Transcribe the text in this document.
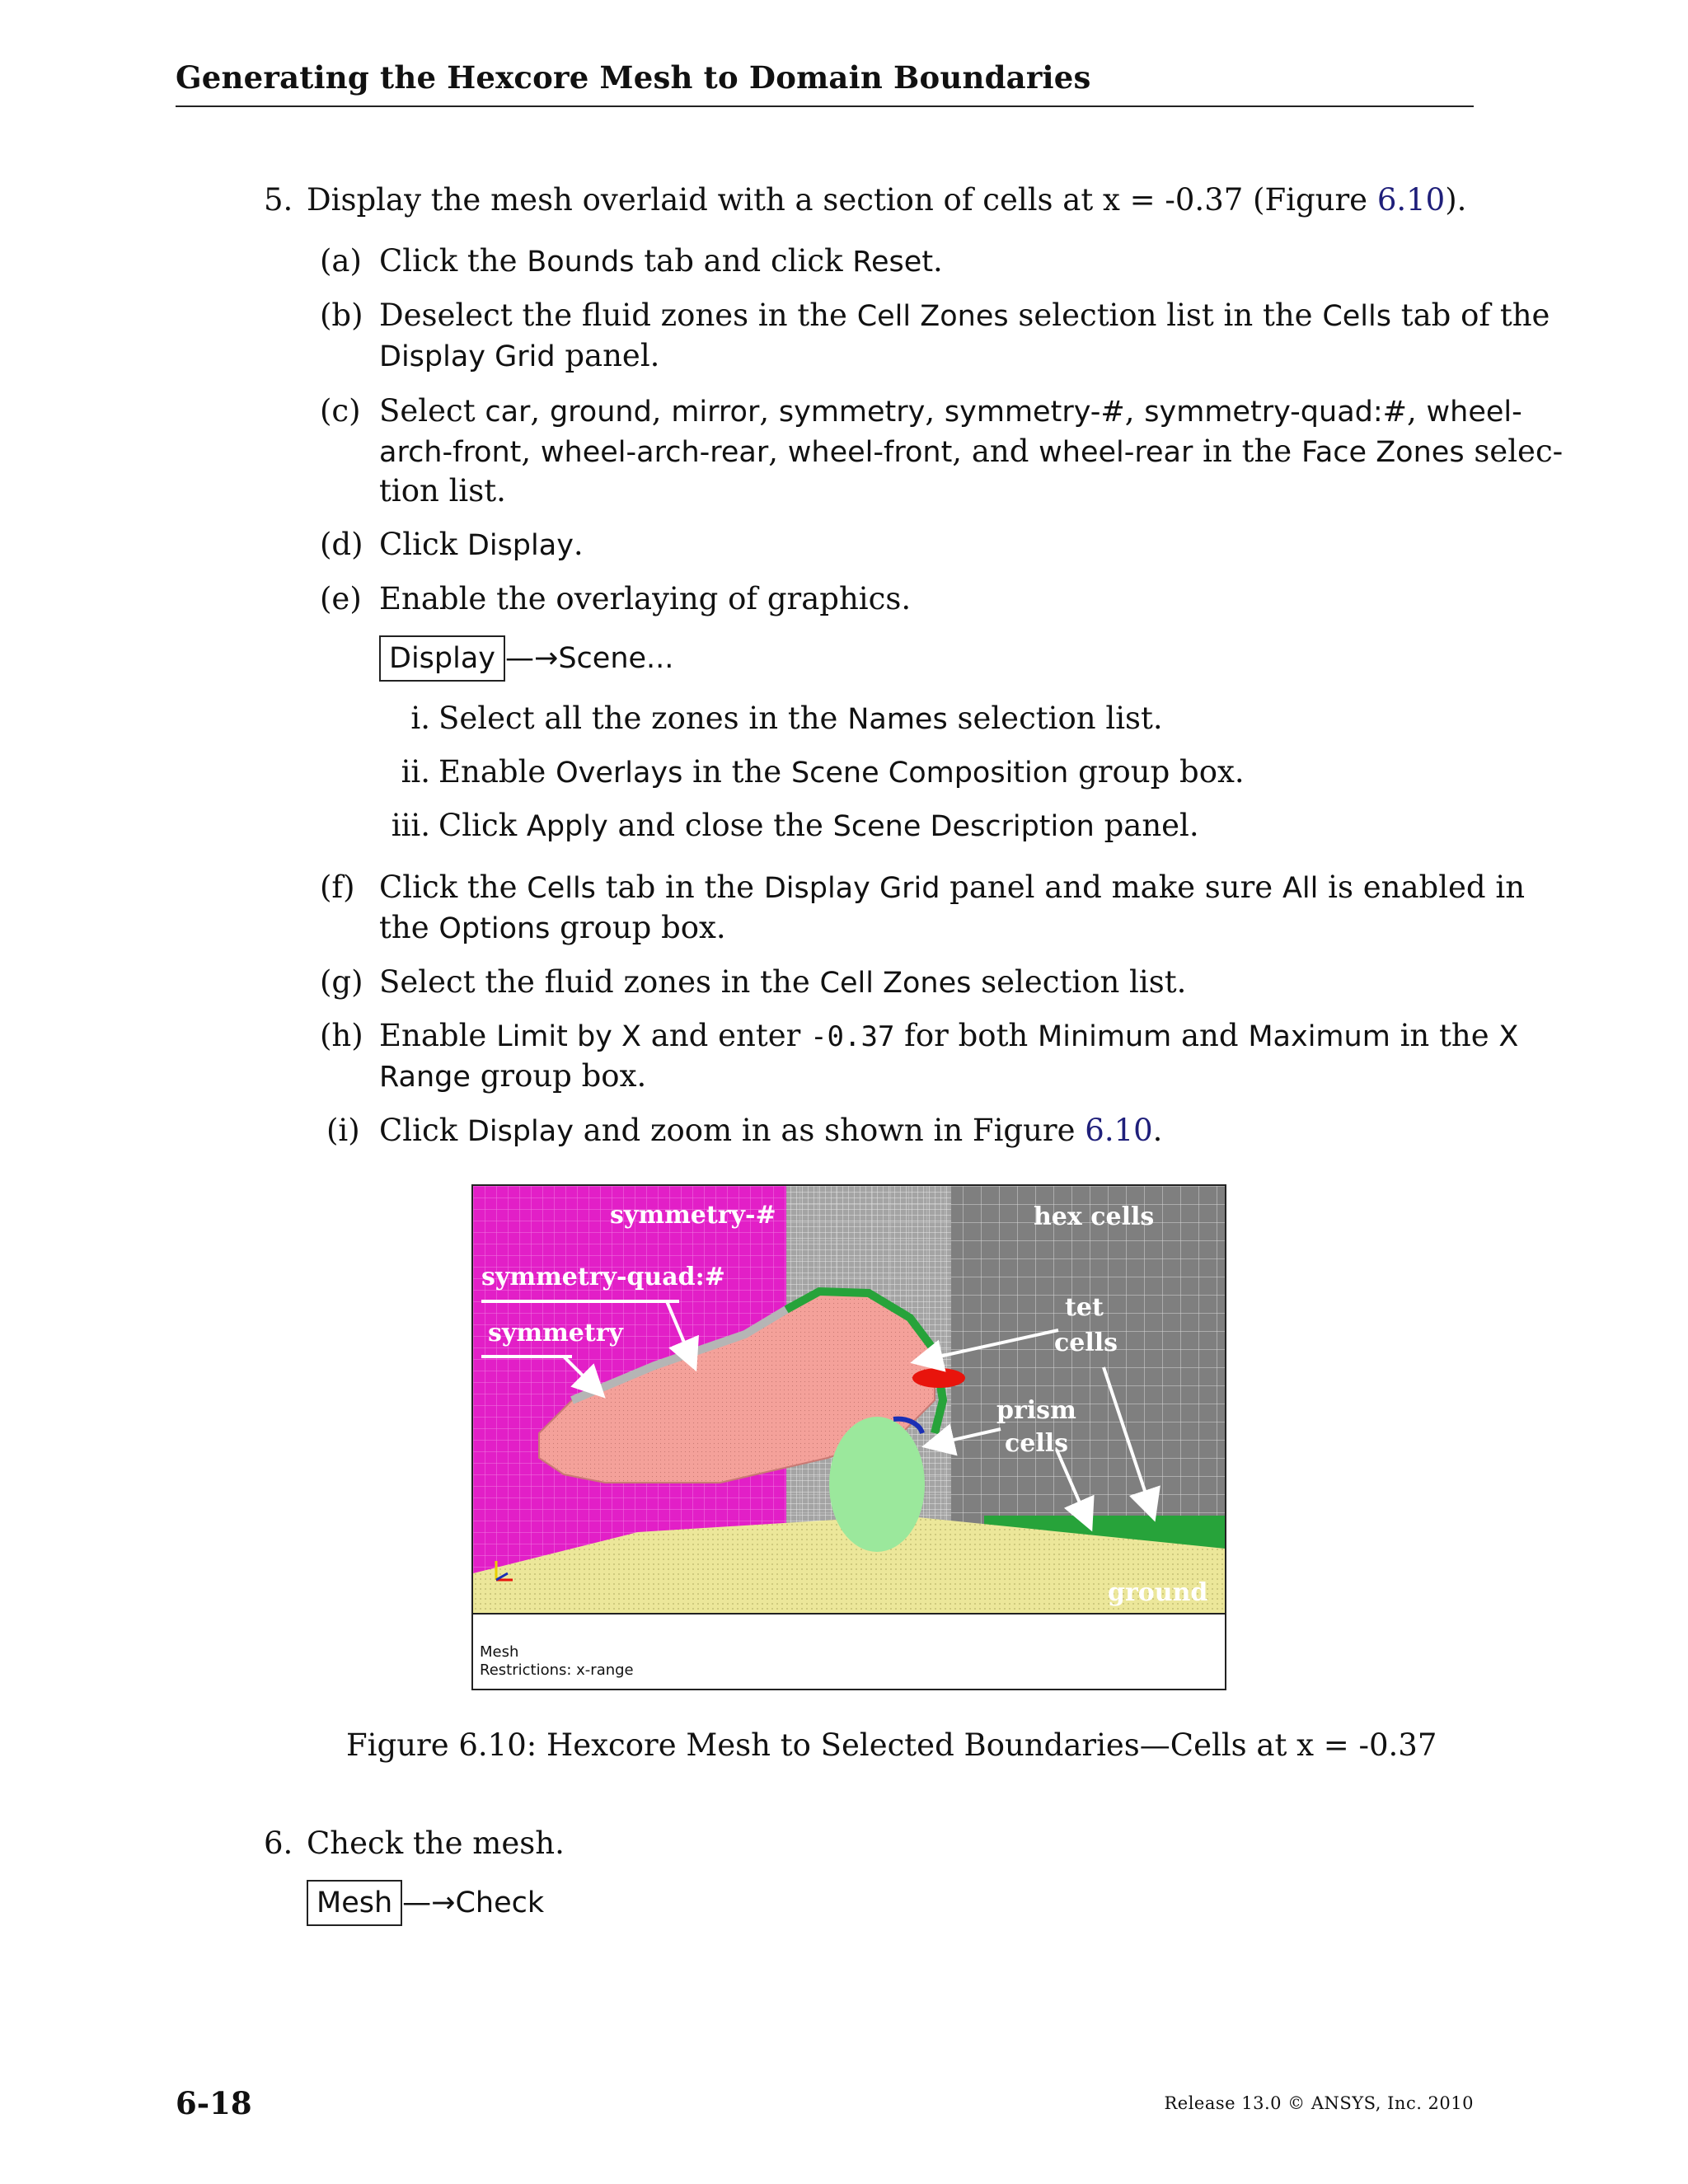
Generating the Hexcore Mesh to Domain Boundaries
5. Display the mesh overlaid with a section of cells at x = -0.37 (Figure 6.10).
(a) Click the Bounds tab and click Reset.
(b) Deselect the fluid zones in the Cell Zones selection list in the Cells tab of the
Display Grid panel.
(c) Select car, ground, mirror, symmetry, symmetry-#, symmetry-quad:#, wheel-
arch-front, wheel-arch-rear, wheel-front, and wheel-rear in the Face Zones selec-
tion list.
(d) Click Display.
(e) Enable the overlaying of graphics.
Display —→Scene...
i. Select all the zones in the Names selection list.
ii. Enable Overlays in the Scene Composition group box.
iii. Click Apply and close the Scene Description panel.
(f) Click the Cells tab in the Display Grid panel and make sure All is enabled in
the Options group box.
(g) Select the fluid zones in the Cell Zones selection list.
(h) Enable Limit by X and enter -0.37 for both Minimum and Maximum in the X
Range group box.
(i) Click Display and zoom in as shown in Figure 6.10.
symmetry-#
symmetry-quad:#
symmetry
hex cells
tet
cells
prism
cells
ground
Mesh
Restrictions: x-range
Figure 6.10: Hexcore Mesh to Selected Boundaries—Cells at x = -0.37
6. Check the mesh.
Mesh —→Check
6-18	Release 13.0 © ANSYS, Inc. 2010
